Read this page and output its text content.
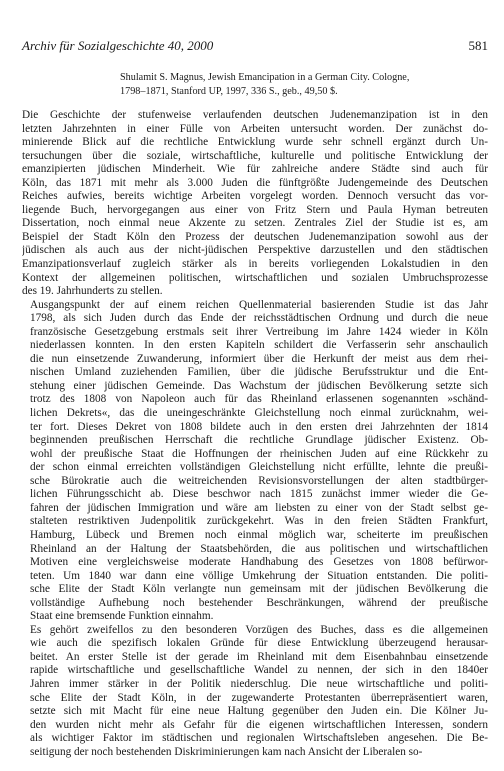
Archiv für Sozialgeschichte 40, 2000	581
Shulamit S. Magnus, Jewish Emancipation in a German City. Cologne,
1798–1871, Stanford UP, 1997, 336 S., geb., 49,50 $.

Die Geschichte der stufenweise verlaufenden deutschen Judenemanzipation ist in den
letzten Jahrzehnten in einer Fülle von Arbeiten untersucht worden. Der zunächst do-
minierende Blick auf die rechtliche Entwicklung wurde sehr schnell ergänzt durch Un-
tersuchungen über die soziale, wirtschaftliche, kulturelle und politische Entwicklung der
emanzipierten jüdischen Minderheit. Wie für zahlreiche andere Städte sind auch für
Köln, das 1871 mit mehr als 3.000 Juden die fünftgrößte Judengemeinde des Deutschen
Reiches aufwies, bereits wichtige Arbeiten vorgelegt worden. Dennoch versucht das vor-
liegende Buch, hervorgegangen aus einer von Fritz Stern und Paula Hyman betreuten
Dissertation, noch einmal neue Akzente zu setzen. Zentrales Ziel der Studie ist es, am
Beispiel der Stadt Köln den Prozess der deutschen Judenemanzipation sowohl aus der
jüdischen als auch aus der nicht-jüdischen Perspektive darzustellen und den städtischen
Emanzipationsverlauf zugleich stärker als in bereits vorliegenden Lokalstudien in den
Kontext der allgemeinen politischen, wirtschaftlichen und sozialen Umbruchsprozesse
des 19. Jahrhunderts zu stellen.

Ausgangspunkt der auf einem reichen Quellenmaterial basierenden Studie ist das Jahr
1798, als sich Juden durch das Ende der reichsstädtischen Ordnung und durch die neue
französische Gesetzgebung erstmals seit ihrer Vertreibung im Jahre 1424 wieder in Köln
niederlassen konnten. In den ersten Kapiteln schildert die Verfasserin sehr anschaulich
die nun einsetzende Zuwanderung, informiert über die Herkunft der meist aus dem rhei-
nischen Umland zuziehenden Familien, über die jüdische Berufsstruktur und die Ent-
stehung einer jüdischen Gemeinde. Das Wachstum der jüdischen Bevölkerung setzte sich
trotz des 1808 von Napoleon auch für das Rheinland erlassenen sogenannten »schänd-
lichen Dekrets«, das die uneingeschränkte Gleichstellung noch einmal zurücknahm, wei-
ter fort. Dieses Dekret von 1808 bildete auch in den ersten drei Jahrzehnten der 1814
beginnenden preußischen Herrschaft die rechtliche Grundlage jüdischer Existenz. Ob-
wohl der preußische Staat die Hoffnungen der rheinischen Juden auf eine Rückkehr zu
der schon einmal erreichten vollständigen Gleichstellung nicht erfüllte, lehnte die preußi-
sche Bürokratie auch die weitreichenden Revisionsvorstellungen der alten stadtbürger-
lichen Führungsschicht ab. Diese beschwor nach 1815 zunächst immer wieder die Ge-
fahren der jüdischen Immigration und wäre am liebsten zu einer von der Stadt selbst ge-
stalteten restriktiven Judenpolitik zurückgekehrt. Was in den freien Städten Frankfurt,
Hamburg, Lübeck und Bremen noch einmal möglich war, scheiterte im preußischen
Rheinland an der Haltung der Staatsbehörden, die aus politischen und wirtschaftlichen
Motiven eine vergleichsweise moderate Handhabung des Gesetzes von 1808 befürwor-
teten. Um 1840 war dann eine völlige Umkehrung der Situation entstanden. Die politi-
sche Elite der Stadt Köln verlangte nun gemeinsam mit der jüdischen Bevölkerung die
vollständige Aufhebung noch bestehender Beschränkungen, während der preußische
Staat eine bremsende Funktion einnahm.

Es gehört zweifellos zu den besonderen Vorzügen des Buches, dass es die allgemeinen
wie auch die spezifisch lokalen Gründe für diese Entwicklung überzeugend herausar-
beitet. An erster Stelle ist der gerade im Rheinland mit dem Eisenbahnbau einsetzende
rapide wirtschaftliche und gesellschaftliche Wandel zu nennen, der sich in den 1840er
Jahren immer stärker in der Politik niederschlug. Die neue wirtschaftliche und politi-
sche Elite der Stadt Köln, in der zugewanderte Protestanten überrepräsentiert waren,
setzte sich mit Macht für eine neue Haltung gegenüber den Juden ein. Die Kölner Ju-
den wurden nicht mehr als Gefahr für die eigenen wirtschaftlichen Interessen, sondern
als wichtiger Faktor im städtischen und regionalen Wirtschaftsleben angesehen. Die Be-
seitigung der noch bestehenden Diskriminierungen kam nach Ansicht der Liberalen so-
